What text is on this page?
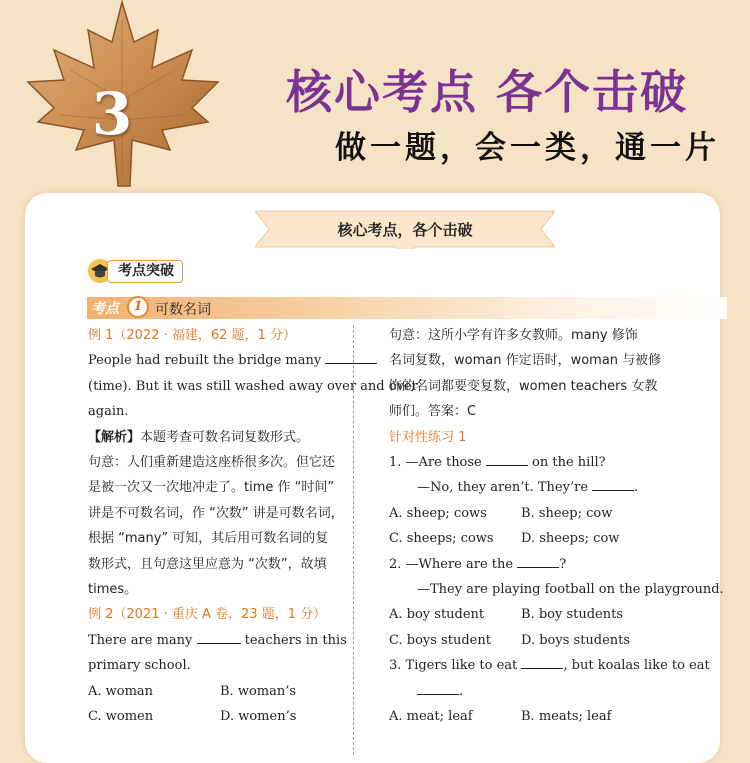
3	核心考点 各个击破
做一题，会一类，通一片
核心考点，各个击破
考点突破
考点	1 可数名词

例 1（2022 · 福建，62 题，1 分）

People had rebuilt the bridge many

(time). But it was still washed away over and over

again.

【解析】本题考查可数名词复数形式。

句意：人们重新建造这座桥很多次。但它还

是被一次又一次地冲走了。time 作 “时间”

讲是不可数名词，作 “次数” 讲是可数名词，

根据 “many” 可知，其后用可数名词的复

数形式，且句意这里应意为 “次数”，故填

times。

例 2（2021 · 重庆 A 卷，23 题，1 分）

There are many	teachers in this

primary school.

A. woman	B. woman’s
C. women	D. women’s

句意：这所小学有许多女教师。many 修饰

名词复数，woman 作定语时，woman 与被修

饰的名词都要变复数，women teachers 女教

师们。答案：C

针对性练习 1

1. —Are those	on the hill?

—No, they aren’t. They’re	.

A. sheep; cows	B. sheep; cow
C. sheeps; cows	D. sheeps; cow

2. —Where are the	?

—They are playing football on the playground.

A. boy student	B. boy students
C. boys student	D. boys students

3. Tigers like to eat	, but koalas like to eat

.

A. meat; leaf	B. meats; leaf
